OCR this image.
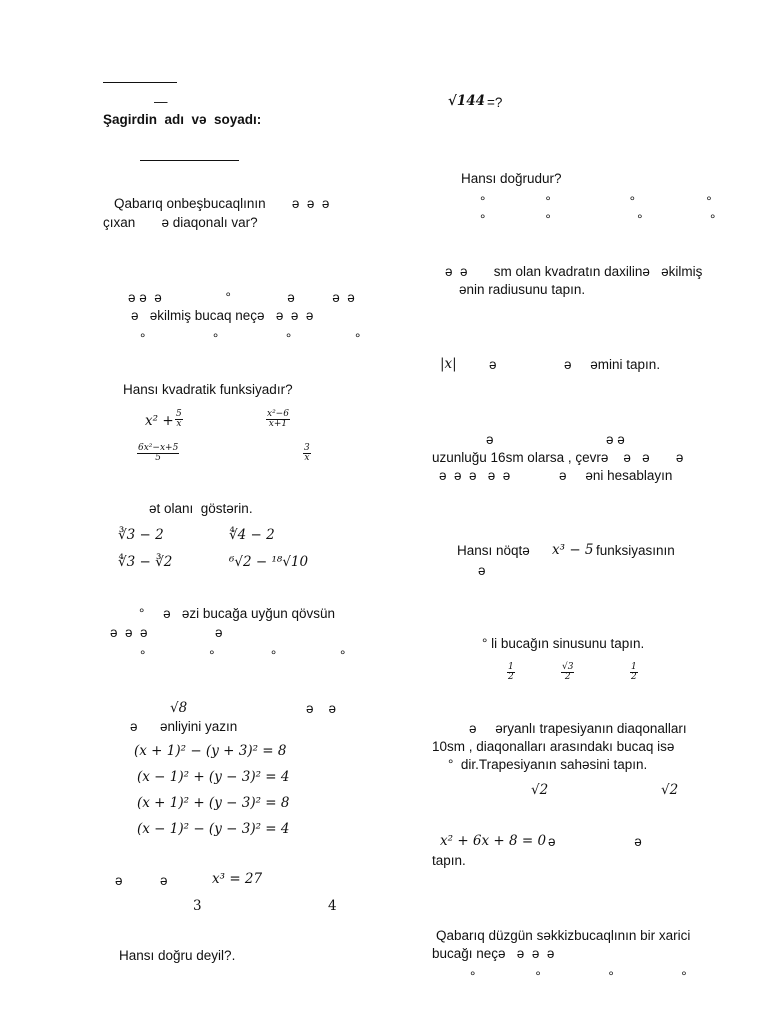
—
Şagirdin  adı  və  soyadı:
Qabarıq onbeşbucaqlının       ə  ə  ə
çıxan       ə diaqonalı var?
ə ə  ə                 °               ə          ə  ə
ə   əkilmiş bucaq neçə   ə  ə  ə
°                  °                  °                 °
Hansı kvadratik funksiyadır?
$x^2 + \frac{5}{x}$	$\frac{\text{x²−6}}{x+1}$
$\frac{\text{6x²−x+5}}{5}$	$\frac{3}{x}$
ət olanı  göstərin.
∛3 − 2	∜4 − 2
∜3 − ∛2	⁶√2 − ¹⁸√10
°     ə   əzi bucağa uyğun qövsün
ə  ə  ə                  ə
°                 °               °                 °
√8	ə    ə
ə      ənliyini yazın
(x + 1)² − (y + 3)² = 8
(x − 1)² + (y − 3)² = 4
(x + 1)² + (y − 3)² = 8
(x − 1)² − (y − 3)² = 4
ə          ə	x³ = 27
3	4
Hansı doğru deyil?.
√144 =?
Hansı doğrudur?
°                °                     °                   °
°                °                       °                  °
ə  ə       sm olan kvadratın daxilinə   əkilmiş
ənin radiusunu tapın.
|x| ə                  ə     əmini tapın.
ə                              ə ə
uzunluğu 16sm olarsa , çevrə    ə   ə       ə
ə  ə  ə   ə  ə             ə     əni hesablayın
Hansı nöqtə x³ − 5 funksiyasının
ə
° li bucağın sinusunu tapın.
$\frac{1}{2}$	$\frac{√3}{2}$	$\frac{1}{2}$
ə     əryanlı trapesiyanın diaqonalları
10sm , diaqonalları arasındakı bucaq isə
°  dir.Trapesiyanın sahəsini tapın.
√2	√2
x² + 6x + 8 = 0 ə                     ə
tapın.
Qabarıq düzgün səkkizbucaqlının bir xarici
bucağı neçə   ə  ə  ə
°                °                  °                  °
